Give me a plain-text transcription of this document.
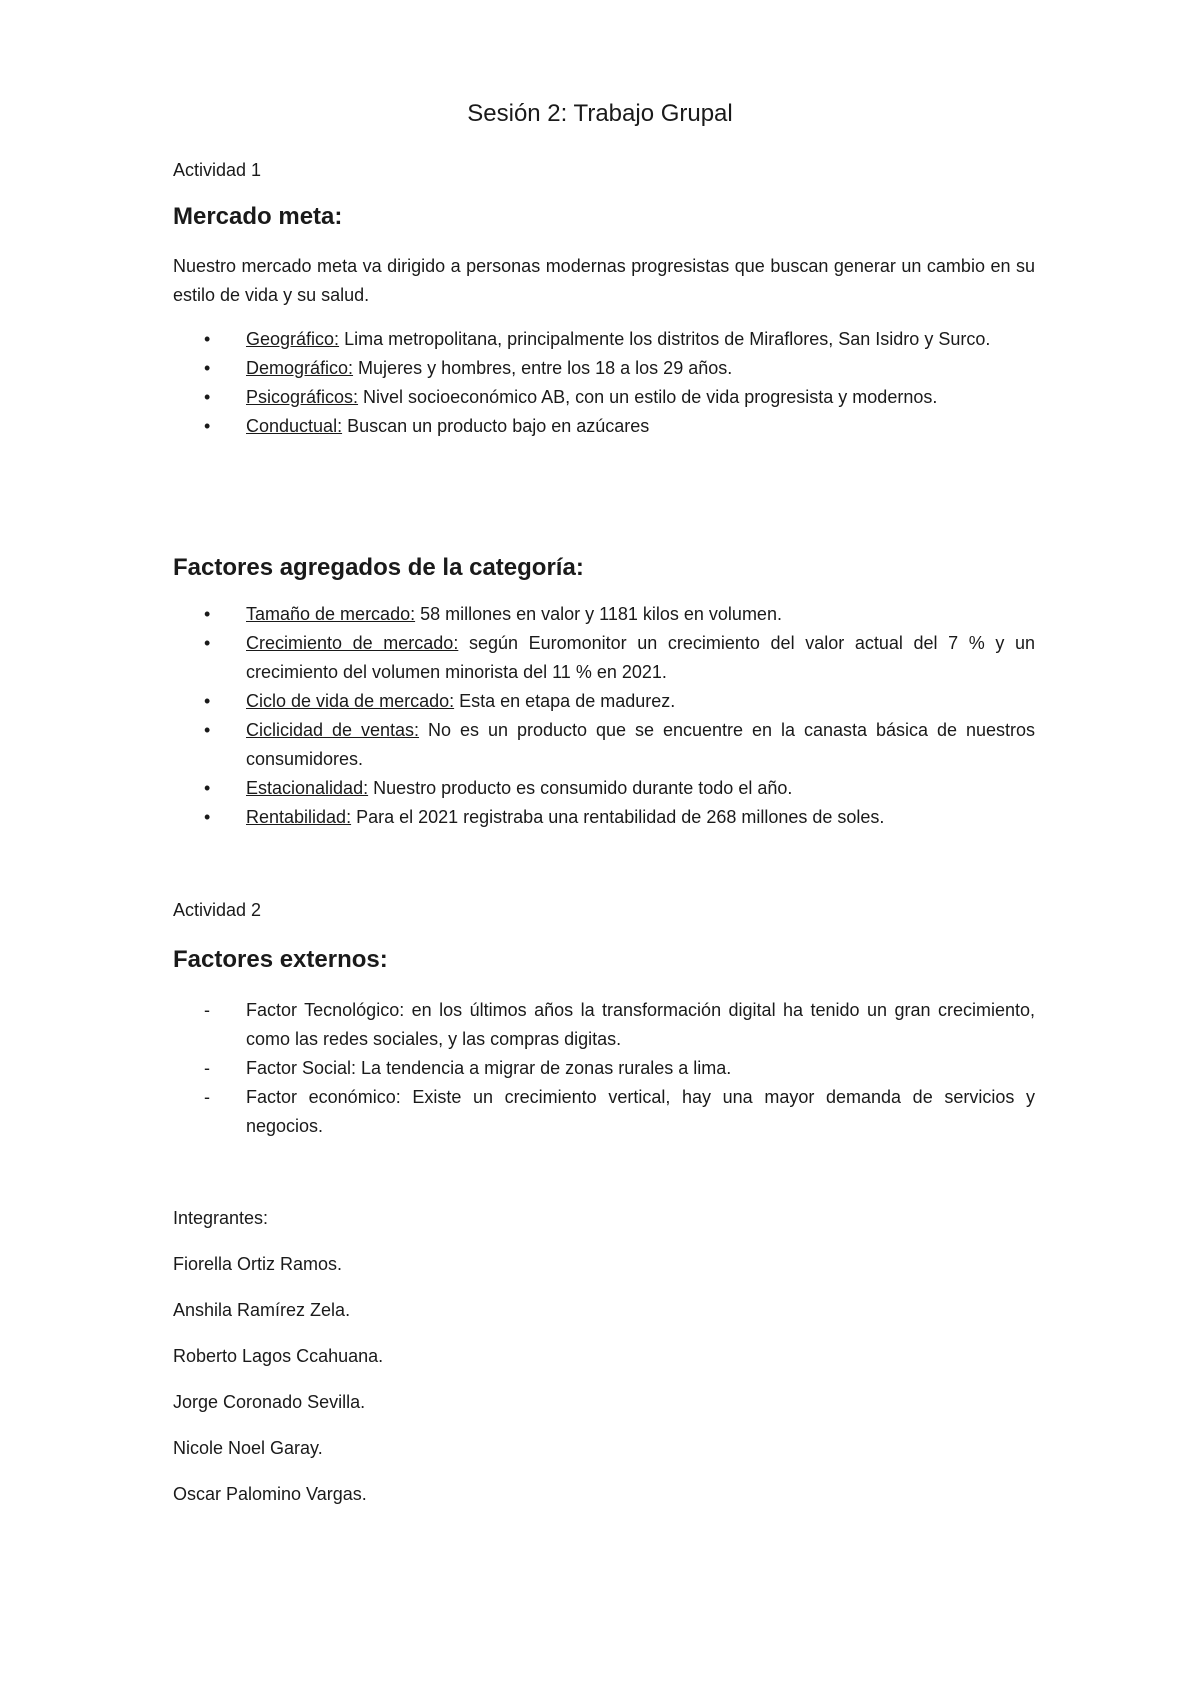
Sesión 2: Trabajo Grupal

Actividad 1

Mercado meta:

Nuestro mercado meta va dirigido a personas modernas progresistas que buscan generar un cambio en su estilo de vida y su salud.

•	Geográfico: Lima metropolitana, principalmente los distritos de Miraflores, San Isidro y Surco.
•	Demográfico: Mujeres y hombres, entre los 18 a los 29 años.
•	Psicográficos: Nivel socioeconómico AB, con un estilo de vida progresista y modernos.
•	Conductual: Buscan un producto bajo en azúcares
Factores agregados de la categoría:
•	Tamaño de mercado: 58 millones en valor y 1181 kilos en volumen.
•	Crecimiento de mercado: según Euromonitor un crecimiento del valor actual del 7 % y un crecimiento del volumen minorista del 11 % en 2021.
•	Ciclo de vida de mercado: Esta en etapa de madurez.
•	Ciclicidad de ventas: No es un producto que se encuentre en la canasta básica de nuestros consumidores.
•	Estacionalidad: Nuestro producto es consumido durante todo el año.
•	Rentabilidad: Para el 2021 registraba una rentabilidad de 268 millones de soles.

Actividad 2

Factores externos:
-	Factor Tecnológico: en los últimos años la transformación digital ha tenido un gran crecimiento, como las redes sociales, y las compras digitas.
-	Factor Social: La tendencia a migrar de zonas rurales a lima.
-	Factor económico: Existe un crecimiento vertical, hay una mayor demanda de servicios y negocios.

Integrantes:

Fiorella Ortiz Ramos.

Anshila Ramírez Zela.

Roberto Lagos Ccahuana.

Jorge Coronado Sevilla.

Nicole Noel Garay.

Oscar Palomino Vargas.
